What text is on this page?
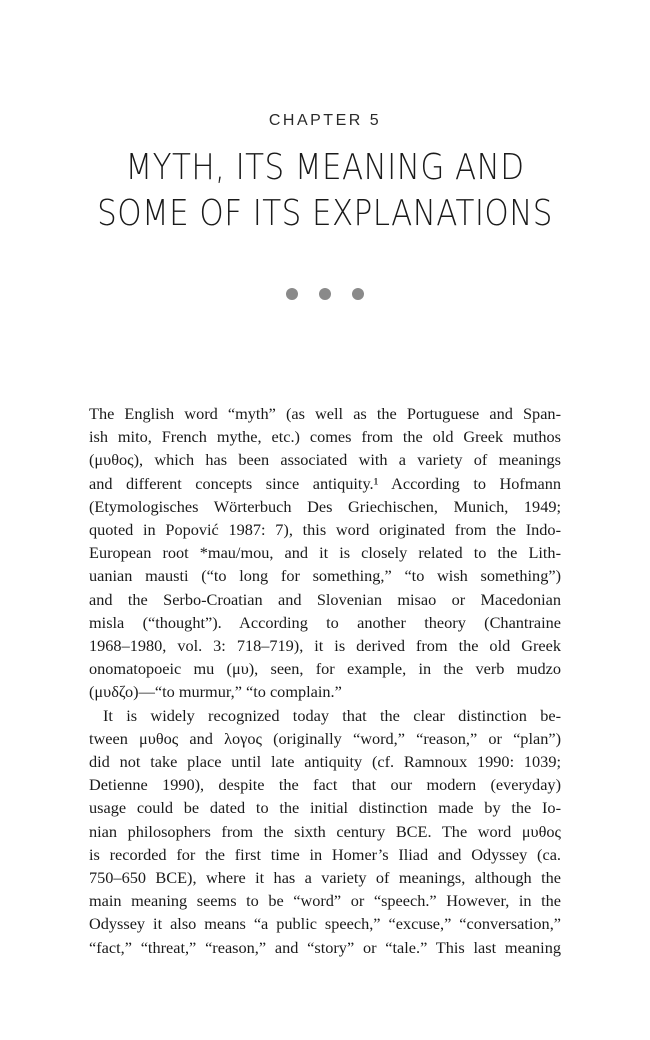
CHAPTER 5
MYTH, ITS MEANING AND
SOME OF ITS EXPLANATIONS

The English word “myth” (as well as the Portuguese and Span-
ish mito, French mythe, etc.) comes from the old Greek muthos
(μυθος), which has been associated with a variety of meanings
and different concepts since antiquity.¹ According to Hofmann
(Etymologisches Wörterbuch Des Griechischen, Munich, 1949;
quoted in Popović 1987: 7), this word originated from the Indo-
European root *mau/mou, and it is closely related to the Lith-
uanian mausti (“to long for something,” “to wish something”)
and the Serbo-Croatian and Slovenian misao or Macedonian
misla (“thought”). According to another theory (Chantraine
1968–1980, vol. 3: 718–719), it is derived from the old Greek
onomatopoeic mu (μυ), seen, for example, in the verb mudzo
(μυδζο)—“to murmur,” “to complain.”

It is widely recognized today that the clear distinction be-
tween μυθος and λογος (originally “word,” “reason,” or “plan”)
did not take place until late antiquity (cf. Ramnoux 1990: 1039;
Detienne 1990), despite the fact that our modern (everyday)
usage could be dated to the initial distinction made by the Io-
nian philosophers from the sixth century BCE. The word μυθος
is recorded for the first time in Homer’s Iliad and Odyssey (ca.
750–650 BCE), where it has a variety of meanings, although the
main meaning seems to be “word” or “speech.” However, in the
Odyssey it also means “a public speech,” “excuse,” “conversation,”
“fact,” “threat,” “reason,” and “story” or “tale.” This last meaning
